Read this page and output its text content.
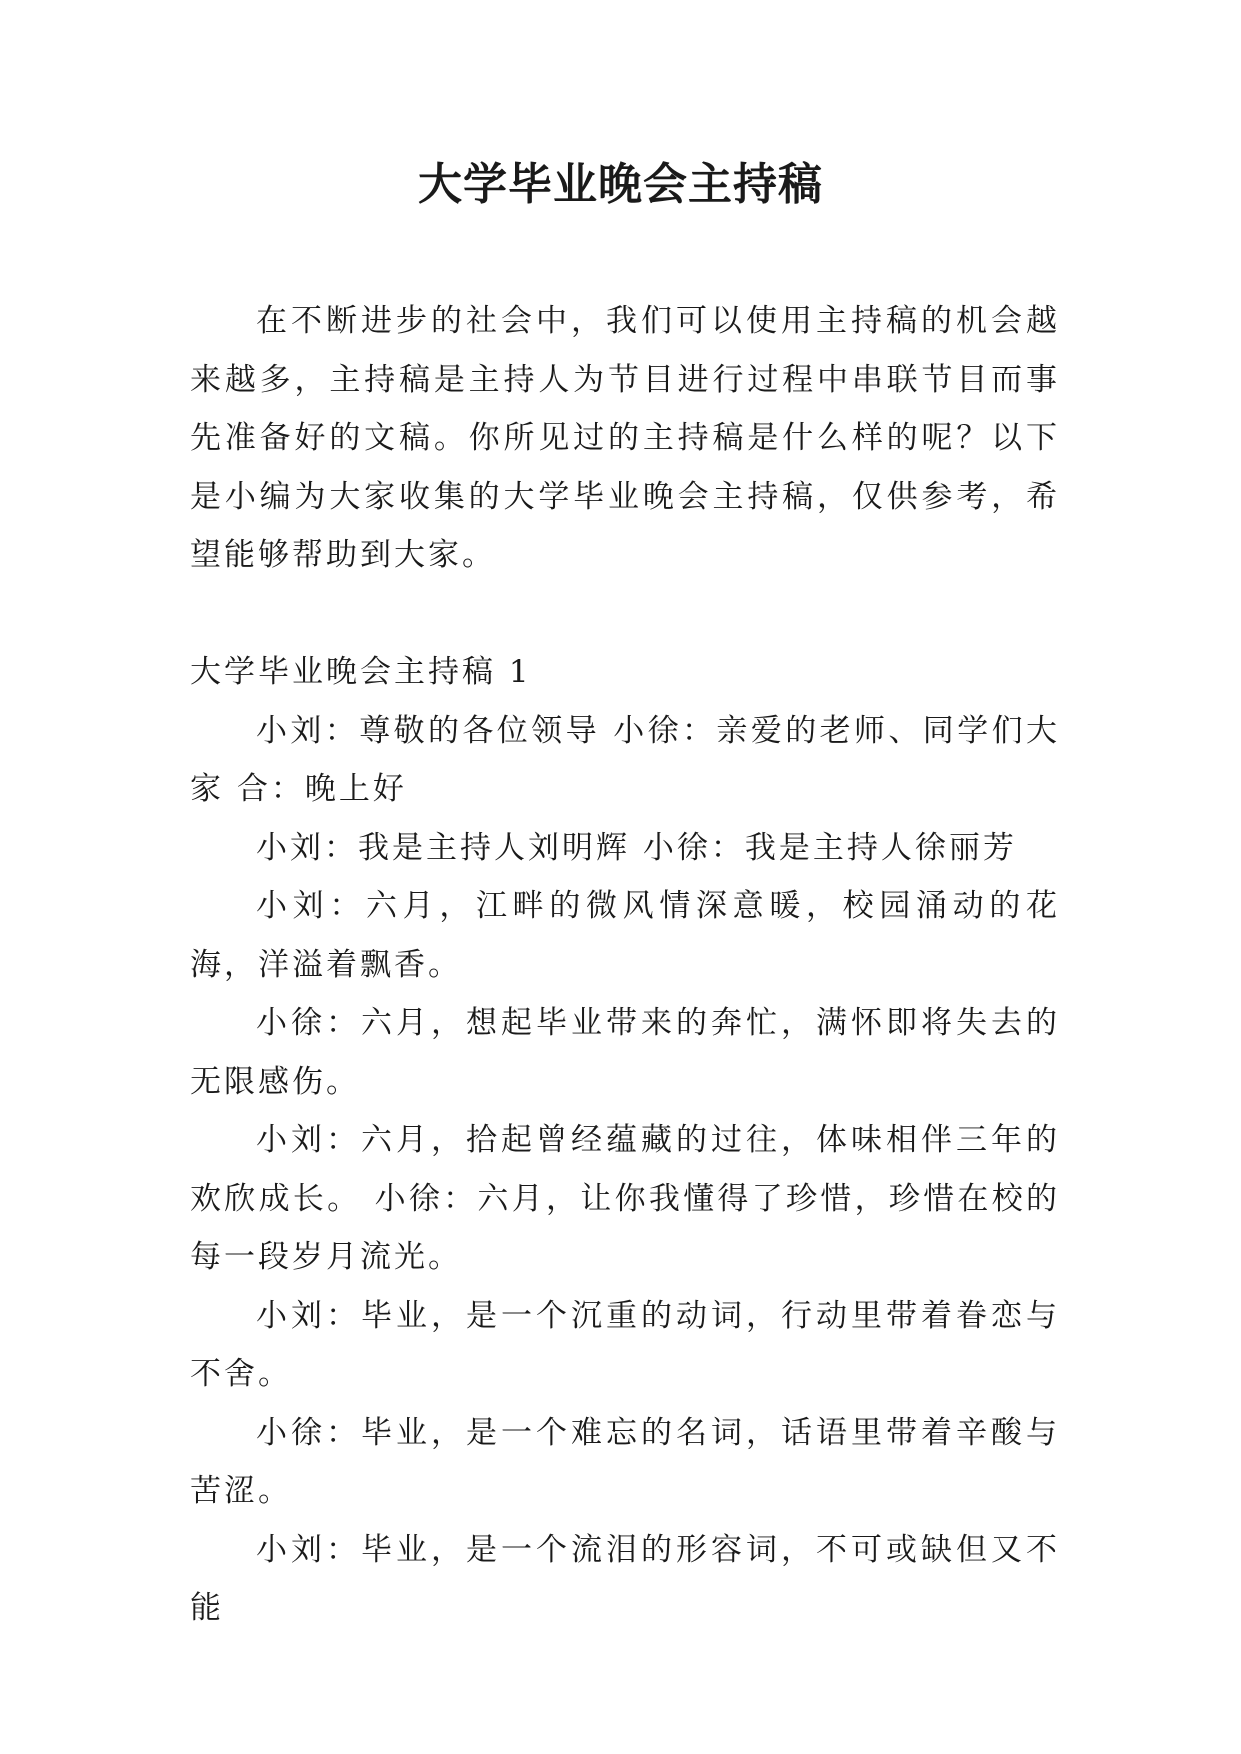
大学毕业晚会主持稿

在不断进步的社会中，我们可以使用主持稿的机会越来越多，主持稿是主持人为节目进行过程中串联节目而事先准备好的文稿。你所见过的主持稿是什么样的呢？以下是小编为大家收集的大学毕业晚会主持稿，仅供参考，希望能够帮助到大家。

大学毕业晚会主持稿 1

小刘：尊敬的各位领导 小徐：亲爱的老师、同学们大家 合：晚上好

小刘：我是主持人刘明辉 小徐：我是主持人徐丽芳

小刘：六月，江畔的微风情深意暖，校园涌动的花海，洋溢着飘香。

小徐：六月，想起毕业带来的奔忙，满怀即将失去的无限感伤。

小刘：六月，拾起曾经蕴藏的过往，体味相伴三年的欢欣成长。 小徐：六月，让你我懂得了珍惜，珍惜在校的每一段岁月流光。

小刘：毕业，是一个沉重的动词，行动里带着眷恋与不舍。

小徐：毕业，是一个难忘的名词，话语里带着辛酸与苦涩。

小刘：毕业，是一个流泪的形容词，不可或缺但又不能
